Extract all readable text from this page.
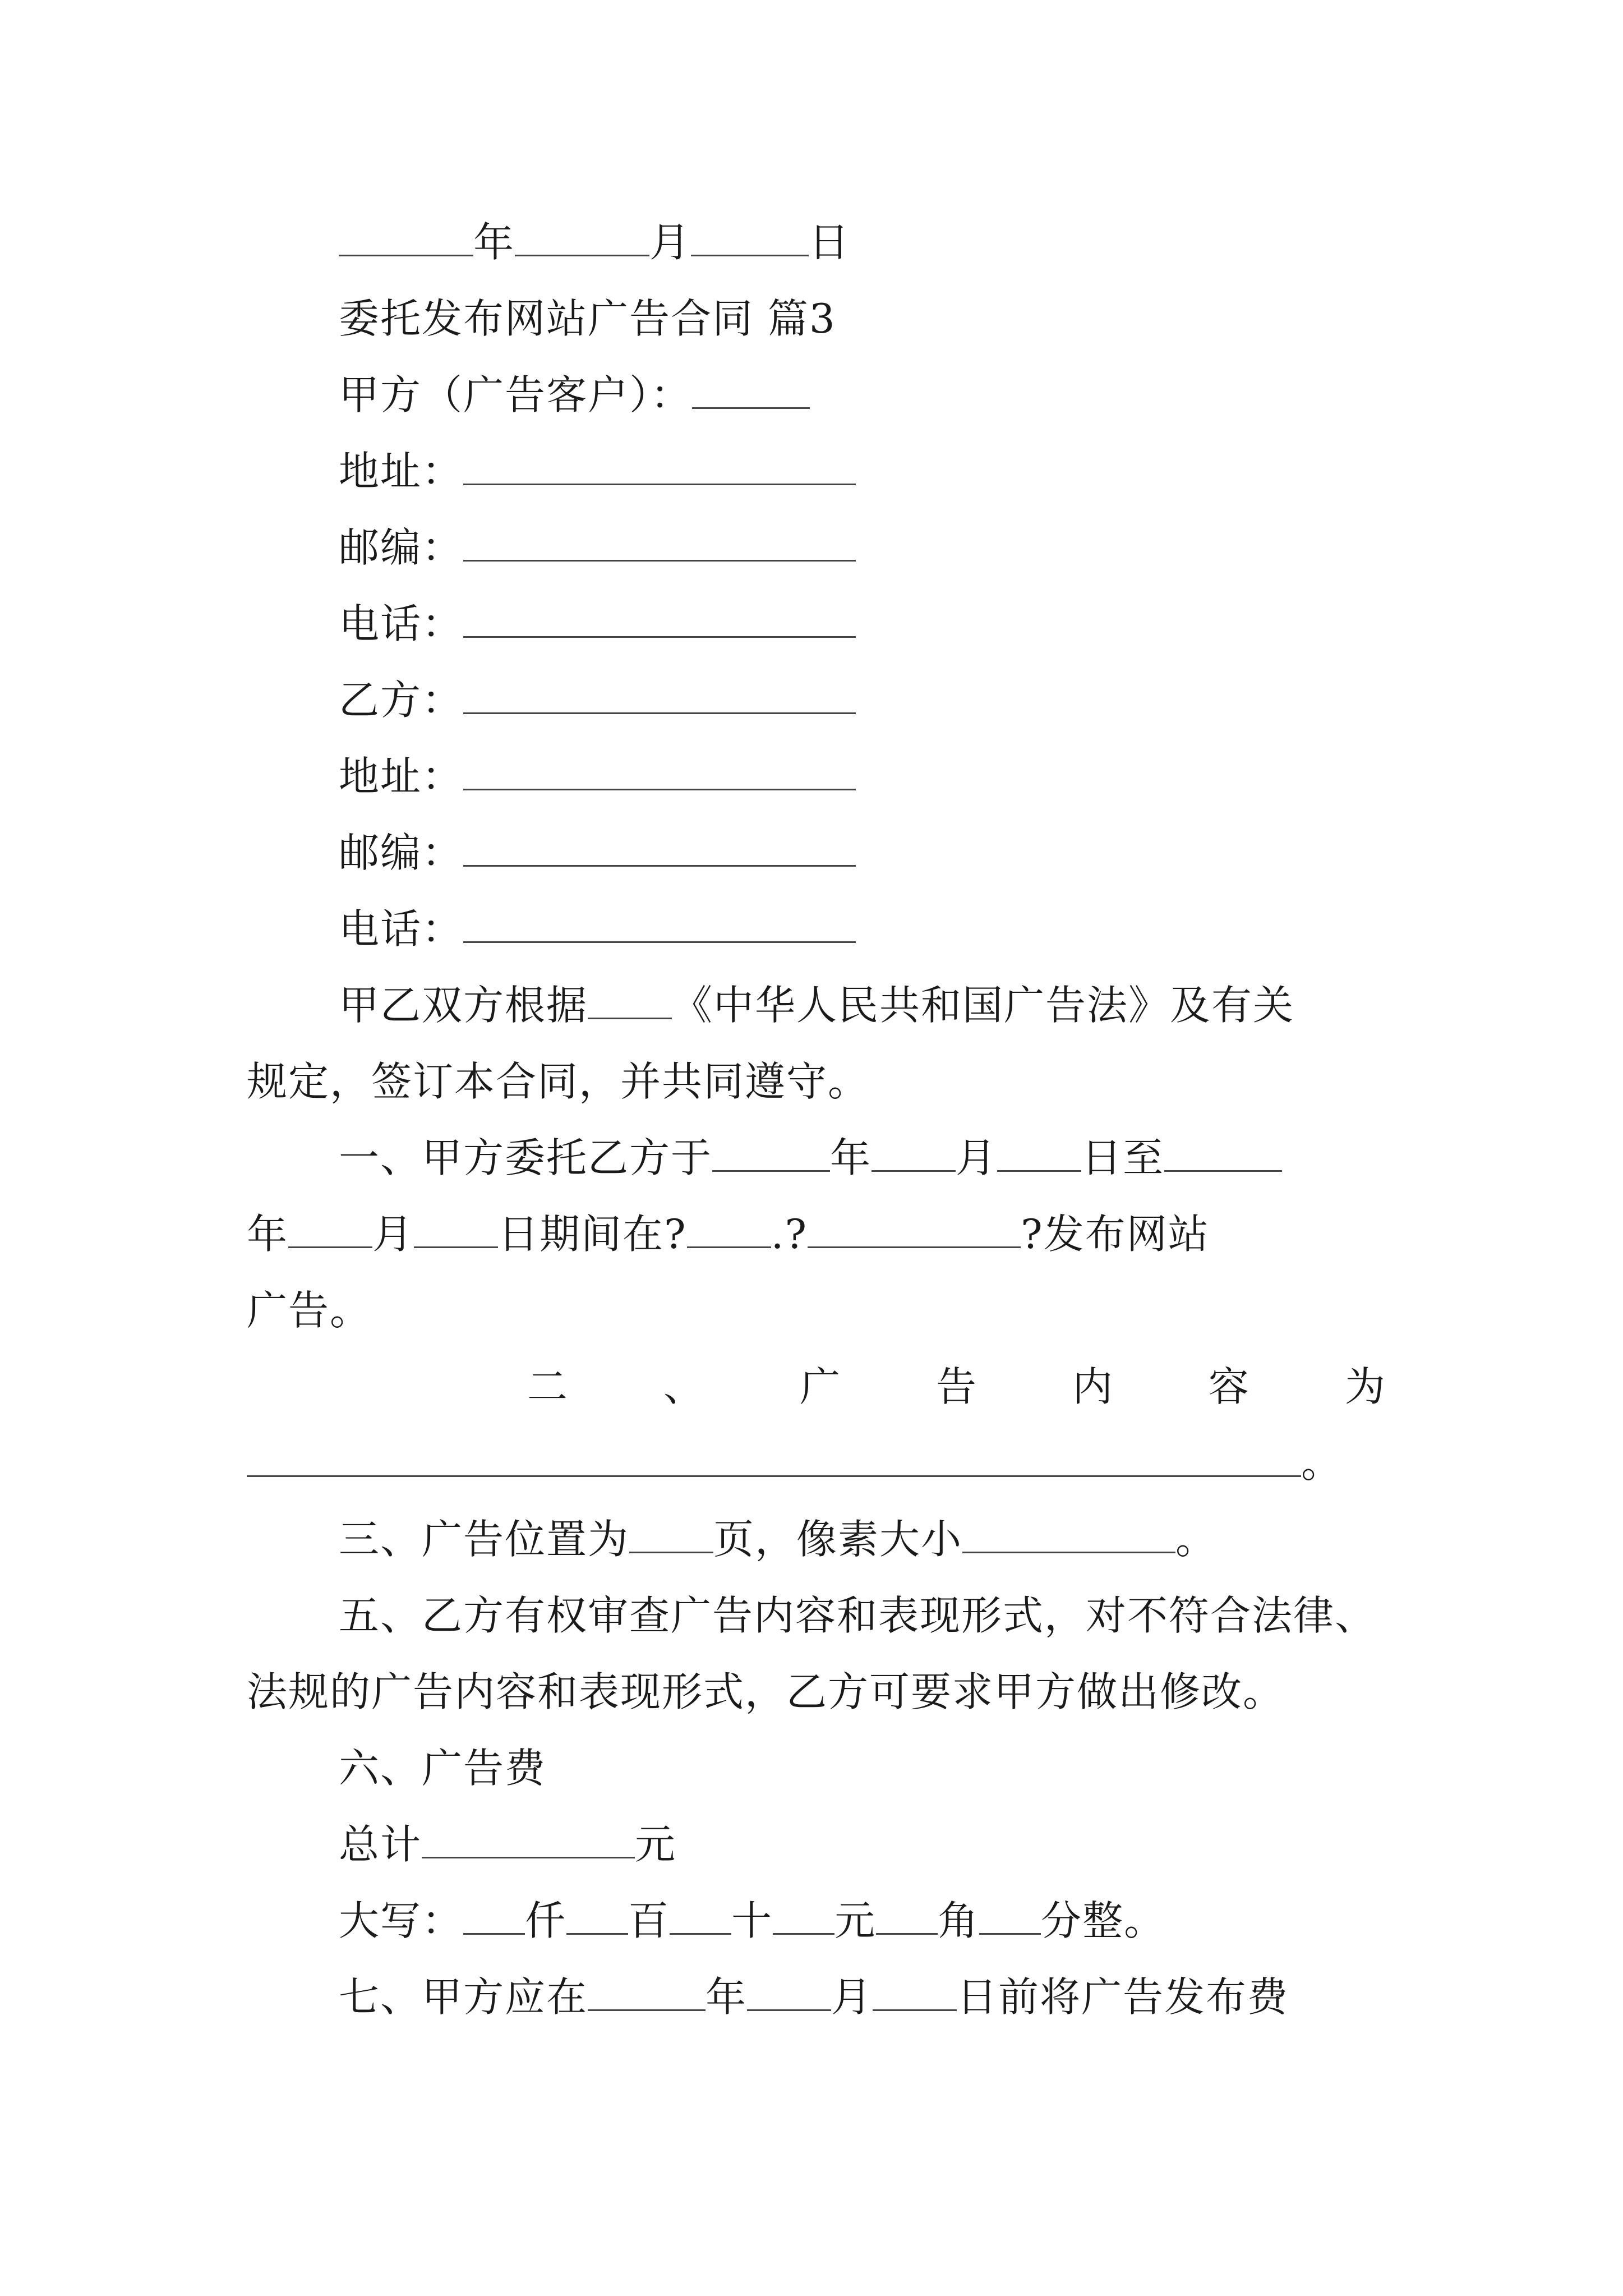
年	月	日
委托发布网站广告合同 篇3
甲方（广告客户）：
地址：
邮编：
电话：
乙方：
地址：
邮编：
电话：
甲乙双方根据 《中华人民共和国广告法》及有关
规定，签订本合同，并共同遵守。
一、甲方委托乙方于	年 月 日至
年 月 日期间在? .?	?发布网站
广告。
二 、 广 告 内 容 为
。
三、广告位置为 页，像素大小	。
五、乙方有权审查广告内容和表现形式，对不符合法律、
法规的广告内容和表现形式，乙方可要求甲方做出修改。
六、广告费
总计	元
大写： 仟 百 十 元 角 分整。
七、甲方应在	年 月 日前将广告发布费
